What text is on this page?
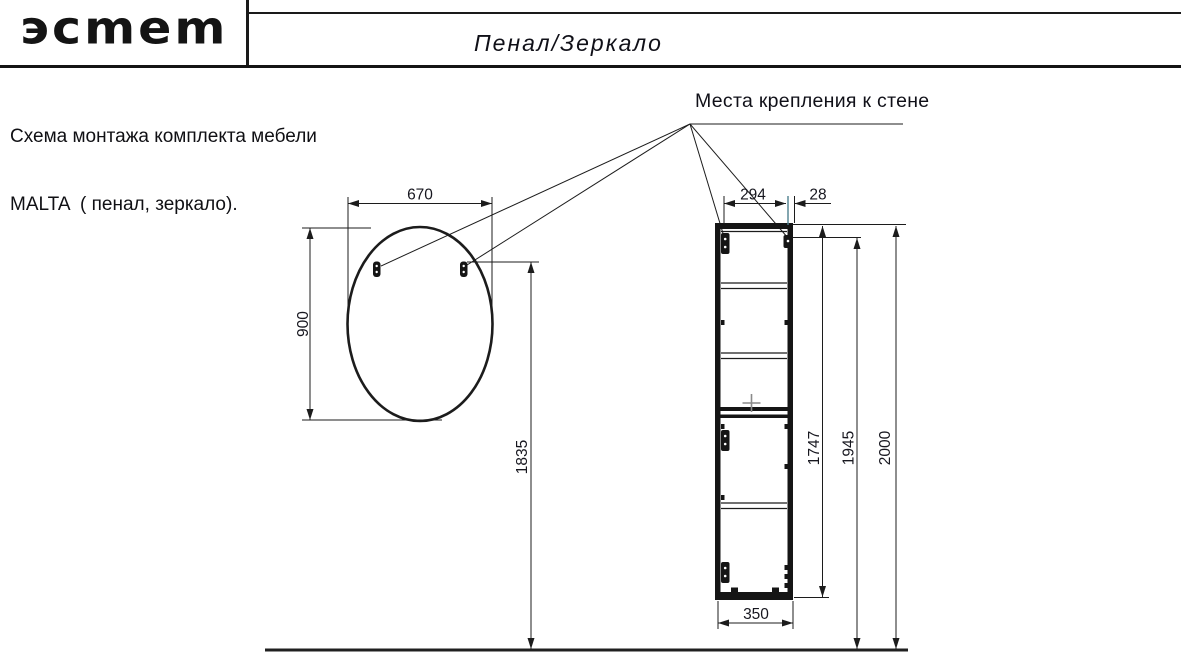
эсmеm	Пенал/Зеркало

Схема монтажа комплекта мебели

MALTA  ( пенал, зеркало).

Места крепления к стене
670
900
1835
294	28
1747 1945 2000
350
